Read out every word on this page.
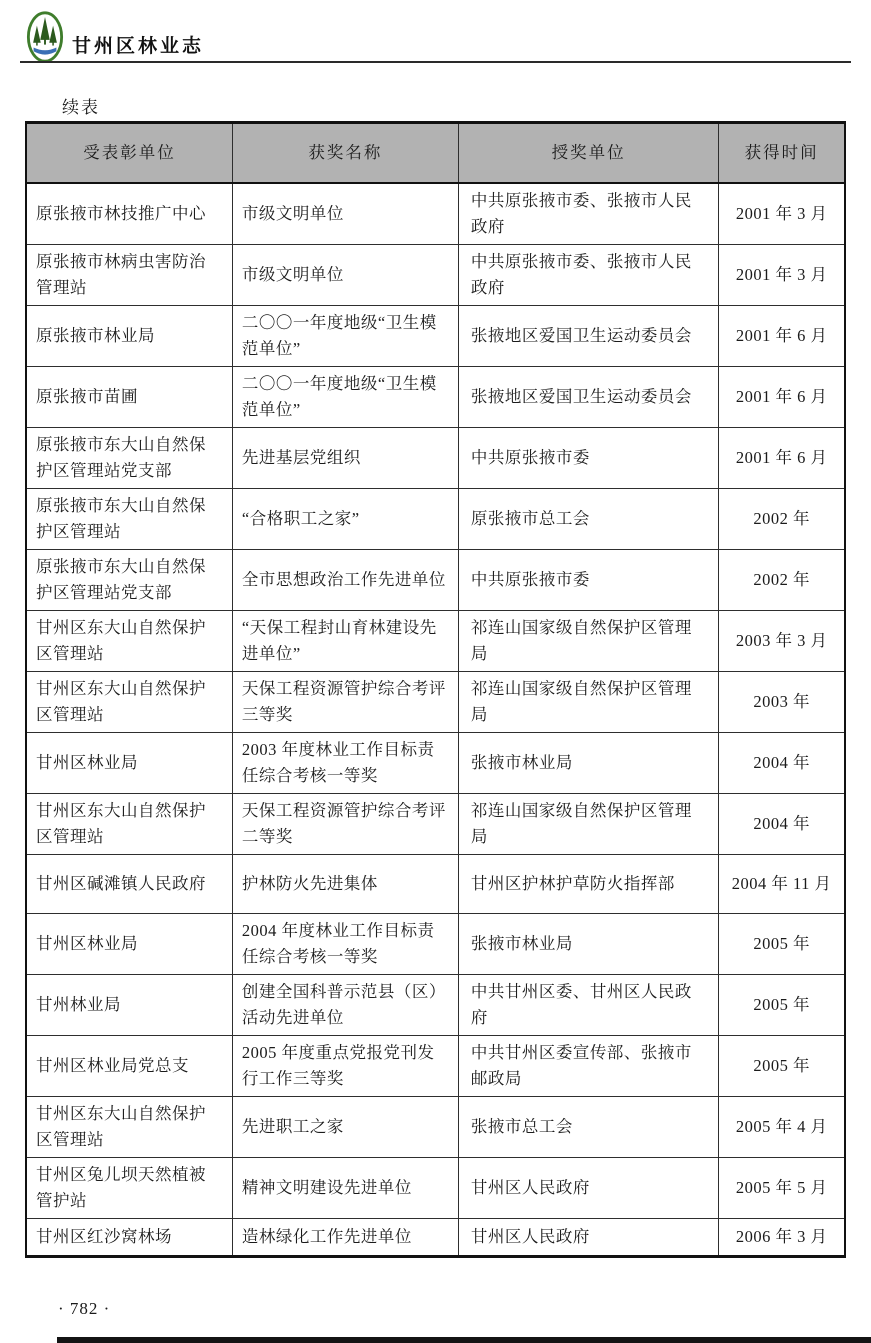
甘州区林业志
续表
受表彰单位	获奖名称	授奖单位	获得时间
原张掖市林技推广中心	市级文明单位	中共原张掖市委、张掖市人民政府	2001 年 3 月
原张掖市林病虫害防治管理站	市级文明单位	中共原张掖市委、张掖市人民政府	2001 年 3 月
原张掖市林业局	二〇〇一年度地级“卫生模范单位”	张掖地区爱国卫生运动委员会	2001 年 6 月
原张掖市苗圃	二〇〇一年度地级“卫生模范单位”	张掖地区爱国卫生运动委员会	2001 年 6 月
原张掖市东大山自然保护区管理站党支部	先进基层党组织	中共原张掖市委	2001 年 6 月
原张掖市东大山自然保护区管理站	“合格职工之家”	原张掖市总工会	2002 年
原张掖市东大山自然保护区管理站党支部	全市思想政治工作先进单位	中共原张掖市委	2002 年
甘州区东大山自然保护区管理站	“天保工程封山育林建设先进单位”	祁连山国家级自然保护区管理局	2003 年 3 月
甘州区东大山自然保护区管理站	天保工程资源管护综合考评三等奖	祁连山国家级自然保护区管理局	2003 年
甘州区林业局	2003 年度林业工作目标责任综合考核一等奖	张掖市林业局	2004 年
甘州区东大山自然保护区管理站	天保工程资源管护综合考评二等奖	祁连山国家级自然保护区管理局	2004 年
甘州区碱滩镇人民政府	护林防火先进集体	甘州区护林护草防火指挥部	2004 年 11 月
甘州区林业局	2004 年度林业工作目标责任综合考核一等奖	张掖市林业局	2005 年
甘州林业局	创建全国科普示范县（区）活动先进单位	中共甘州区委、甘州区人民政府	2005 年
甘州区林业局党总支	2005 年度重点党报党刊发行工作三等奖	中共甘州区委宣传部、张掖市邮政局	2005 年
甘州区东大山自然保护区管理站	先进职工之家	张掖市总工会	2005 年 4 月
甘州区兔儿坝天然植被管护站	精神文明建设先进单位	甘州区人民政府	2005 年 5 月
甘州区红沙窝林场	造林绿化工作先进单位	甘州区人民政府	2006 年 3 月
· 782 ·
